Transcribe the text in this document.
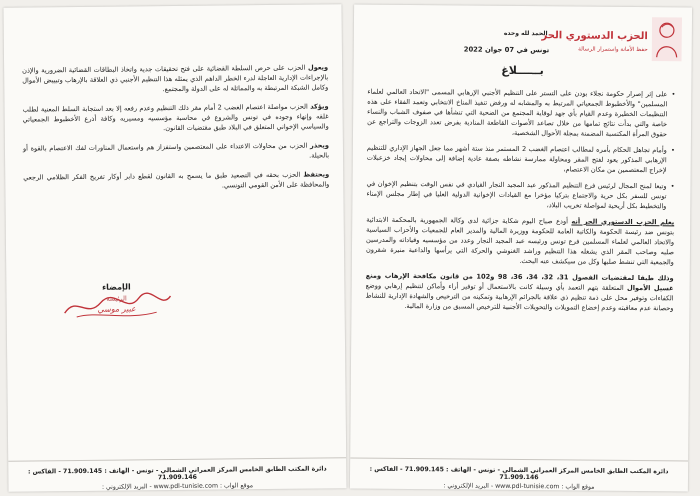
ويعول الحزب على حرص السلطة القضائية على فتح تحقيقات جدية واتخاذ البطاقات القضائية الضرورية والإذن بالإجراءات الإدارية العاجلة لدرء الخطر الداهم الذي يمثله هذا التنظيم الأجنبي ذي العلاقة بالإرهاب وتبييض الأموال وكامل الشبكة المرتبطة به والمماثلة له على الدولة والمجتمع.

ويؤكد الحزب مواصلة اعتصام الغضب 2 أمام مقر ذلك التنظيم وعدم رفعه إلا بعد استجابة السلط المعنية لطلب غلقه وإنهاء وجوده في تونس والشروع في محاسبة مؤسسيه ومسيريه وكافة أذرع الأخطبوط الجمعياتي والسياسي الإخواني المتعلق في البلاد طبق مقتضيات القانون.

ويحذر الحزب من محاولات الاعتداء على المعتصمين واستفزاز هم واستعمال المناورات لفك الاعتصام بالقوة أو بالحيلة.

ويحتفظ الحزب بحقه في التصعيد طبق ما يسمح به القانون لقطع دابر أوكار تفريخ الفكر الظلامي الرجعي والمحافظة على الأمن القومي التونسي.

الإمضاء
الرئيسة
عبير موسي
دائرة المكتب الطابق الخامس المركز العمراني الشمالي - تونس - الهاتف : 71.909.145 - الفاكس : 71.909.146
موقع الواب : www.pdl-tunisie.com - البريد الإلكتروني :
الحزب الدستوري الحر
حفظ الأمانة واستمرار الرسالة
الحمد لله وحده
تونس في 07 جوان 2022
بــــــلاغ

• على إثر إصرار حكومة نجلاء بودن على التستر على التنظيم الأجنبي الإرهابي المسمى "الاتحاد العالمي لعلماء المسلمين" والأخطبوط الجمعياتي المرتبط به والمشابه له ورفض تنفيذ المناخ الانتخابي وتعمد الفقاء على هذه التنظيمات الخطيرة وعدم القيام بأي جهد لوقاية المجتمع من الضحية التي تنشأها في صفوف الشباب والنساء خاصة والتي بدأت نتائج تمامها من خلال تصاعد الأصوات القاطعة المنادية بفرض تعدد الزوجات والتراجع عن حقوق المرأة المكتسبة المضمنة بمجلة الأحوال الشخصية،

• وأمام تجاهل الحكام بأمره لمطالب اعتصام الغضب 2 المستمر منذ ستة أشهر مما جعل الجهاز الإداري للتنظيم الإرهابي المذكور يعود لفتح المقر ومحاولة ممارسة نشاطه بصفة عادية إضافة إلى محاولات إيجاد خزعبلات لإخراج المعتصمين من مكان الاعتصام،

• وتبعا لمنح المجال لرئيس فرع التنظيم المذكور عبد المجيد النجار القيادي في نفس الوقت بتنظيم الإخوان في تونس للسفر بكل حرية والاجتماع بتركيا مؤخرا مع القيادات الإخوانية الدولية العليا في إطار مجلس الإمناء والتخطيط بكل أريحية لمواصلة تخريب البلاد،

يعلم الحزب الدستوري الحر أنه أودع صباح اليوم شكاية جزائية لدى وكالة الجمهورية بالمحكمة الابتدائية بتونس ضد رئيسة الحكومة والكاتبة العامة للحكومة ووزيرة المالية والمدير العام للجمعيات والأحزاب السياسية والاتحاد العالمي لعلماء المسلمين فرع تونس ورئيسه عبد المجيد النجار وعدد من مؤسسيه وقياداته والمدرسين صلبه وصاحب المقر الذي يشغله هذا التنظيم وراشد الغنوشي والحركة التي يرأسها والداعية منيرة شقرون والجمعية التي تنشط صلبها وكل من سيكشف عنه البحث.

وذلك طبقا لمقتضيات الفصول 31، 32، 34، 36، 98 و102 من قانون مكافحة الإرهاب ومنع غسيل الأموال المتعلقة بتهم التعمد بأي وسيلة كانت بالاستعمال أو توفير أراء وأماكن لتنظيم إرهابي ووضع الكفاءات وتوفير محل على ذمة تنظيم ذي علاقة بالجرائم الإرهابية وتمكينه من الترخيص والشهادة الإدارية للنشاط وحصانة عدم معاقبته وعدم إخضاع التمويلات والتحويلات الأجنبية للترخيص المسبق من وزارة المالية.

دائرة المكتب الطابق الخامس المركز العمراني الشمالي - تونس - الهاتف : 71.909.145 - الفاكس : 71.909.146
موقع الواب : www.pdl-tunisie.com - البريد الإلكتروني :
